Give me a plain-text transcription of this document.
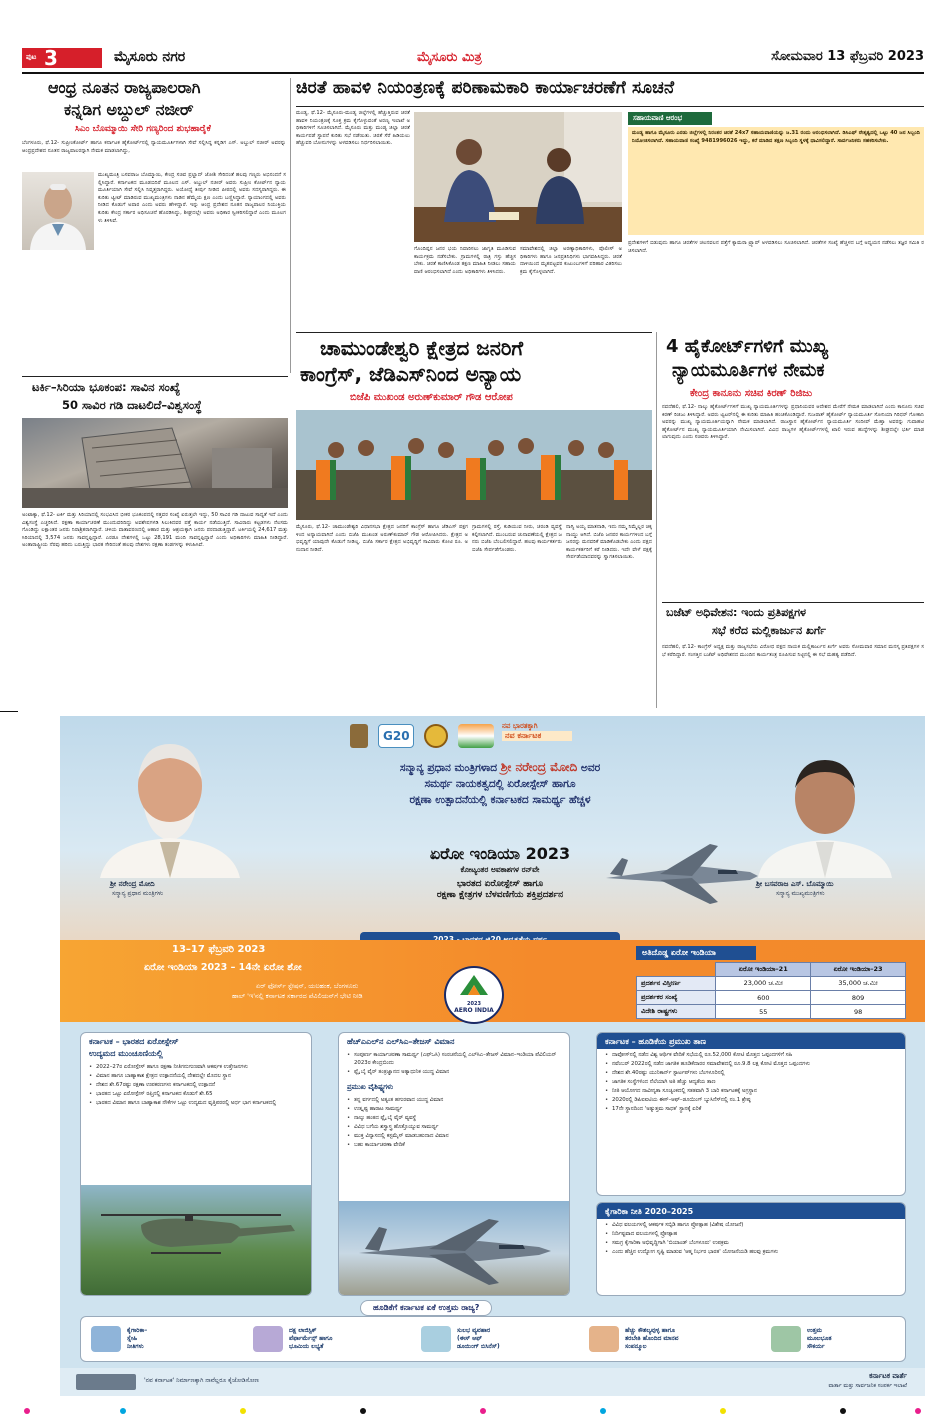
ಪುಟ 3	ಮೈಸೂರು ನಗರ	ಮೈಸೂರು ಮಿತ್ರ	ಸೋಮವಾರ 13 ಫೆಬ್ರವರಿ 2023
ಆಂಧ್ರ ನೂತನ ರಾಜ್ಯಪಾಲರಾಗಿ
ಕನ್ನಡಿಗ ಅಬ್ದುಲ್ ನಜೀರ್
ಸಿಎಂ ಬೊಮ್ಮಾಯಿ ಸೇರಿ ಗಣ್ಯರಿಂದ ಶುಭಹಾರೈಕೆ
ಬೆಂಗಳೂರು, ಫೆ.12- ಸುಪ್ರೀಂಕೋರ್ಟ್ ಹಾಗೂ ಕರ್ನಾಟಕ ಹೈಕೋರ್ಟ್‌ನಲ್ಲಿ ನ್ಯಾಯಮೂರ್ತಿಗಳಾಗಿ ಸೇವೆ ಸಲ್ಲಿಸಿದ್ದ ಕನ್ನಡಿಗ ಎಸ್. ಅಬ್ದುಲ್ ನಜೀರ್ ಅವರನ್ನು ಆಂಧ್ರಪ್ರದೇಶದ ನೂತನ ರಾಜ್ಯಪಾಲರನ್ನಾಗಿ ನೇಮಕ ಮಾಡಲಾಗಿದ್ದು,
ಮುಖ್ಯಮಂತ್ರಿ ಬಸವರಾಜ ಬೊಮ್ಮಾಯಿ, ಕೇಂದ್ರ ಸಚಿವ ಪ್ರಲ್ಹಾದ್ ಜೋಶಿ ಸೇರಿದಂತೆ ಹಲವು ಗಣ್ಯರು ಅಭಿನಂದನೆ ಸಲ್ಲಿಸಿದ್ದಾರೆ. ಕರ್ನಾಟಕದ ಮೂಡಬಿದಿರೆ ಮೂಲದ ಎಸ್. ಅಬ್ದುಲ್ ನಜೀರ್ ಅವರು ಸುಪ್ರೀಂ ಕೋರ್ಟ್‌ನ ನ್ಯಾಯಮೂರ್ತಿಯಾಗಿ ಸೇವೆ ಸಲ್ಲಿಸಿ ನಿವೃತ್ತರಾಗಿದ್ದರು. ಅಯೋಧ್ಯೆ ತೀರ್ಪು ನೀಡಿದ ಪೀಠದಲ್ಲಿ ಅವರು ಸದಸ್ಯರಾಗಿದ್ದರು. ಈ ಕುರಿತು ಟ್ವೀಟ್ ಮಾಡಿರುವ ಮುಖ್ಯಮಂತ್ರಿಗಳು ನಾಡಿನ ಹೆಮ್ಮೆಯ ಕ್ಷಣ ಎಂದು ಬಣ್ಣಿಸಿದ್ದಾರೆ. ನ್ಯಾಯಾಂಗದಲ್ಲಿ ಅವರು ನೀಡಿದ ಕೊಡುಗೆ ಅಪಾರ ಎಂದು ಅವರು ಹೇಳಿದ್ದಾರೆ. ಇನ್ನು ಆಂಧ್ರ ಪ್ರದೇಶದ ನೂತನ ರಾಜ್ಯಪಾಲರ ನಿಯುಕ್ತಿಯ ಕುರಿತು ಕೇಂದ್ರ ಸರ್ಕಾರ ಅಧಿಸೂಚನೆ ಹೊರಡಿಸಿದ್ದು, ಶೀಘ್ರದಲ್ಲೇ ಅವರು ಅಧಿಕಾರ ಸ್ವೀಕರಿಸಲಿದ್ದಾರೆ ಎಂದು ಮೂಲಗಳು ತಿಳಿಸಿವೆ.
ಟರ್ಕಿ–ಸಿರಿಯಾ ಭೂಕಂಪ: ಸಾವಿನ ಸಂಖ್ಯೆ
50 ಸಾವಿರ ಗಡಿ ದಾಟಲಿದೆ–ವಿಶ್ವಸಂಸ್ಥೆ
ಅಂಟಾಕ್ಯಾ, ಫೆ.12- ಟರ್ಕಿ ಮತ್ತು ಸಿರಿಯಾದಲ್ಲಿ ಸಂಭವಿಸಿದ ಭೀಕರ ಭೂಕಂಪದಲ್ಲಿ ಸತ್ತವರ ಸಂಖ್ಯೆ ಏರುತ್ತಲೇ ಇದ್ದು, 50 ಸಾವಿರ ಗಡಿ ದಾಟುವ ಸಾಧ್ಯತೆ ಇದೆ ಎಂದು ವಿಶ್ವಸಂಸ್ಥೆ ಎಚ್ಚರಿಸಿದೆ. ರಕ್ಷಣಾ ಕಾರ್ಯಾಚರಣೆ ಮುಂದುವರಿದಿದ್ದು ಅವಶೇಷಗಳಡಿ ಸಿಲುಕಿದವರ ಪತ್ತೆ ಕಾರ್ಯ ನಡೆಯುತ್ತಿದೆ. ಸಾವಿರಾರು ಕಟ್ಟಡಗಳು ನೆಲಸಮಗೊಂಡಿದ್ದು ಲಕ್ಷಾಂತರ ಜನರು ನಿರಾಶ್ರಿತರಾಗಿದ್ದಾರೆ. ಚಳಿಯ ವಾತಾವರಣದಲ್ಲಿ ಆಹಾರ ಮತ್ತು ಆಶ್ರಯಕ್ಕಾಗಿ ಜನರು ಪರದಾಡುತ್ತಿದ್ದಾರೆ. ಟರ್ಕಿಯಲ್ಲಿ 24,617 ಮತ್ತು ಸಿರಿಯಾದಲ್ಲಿ 3,574 ಜನರು ಸಾವನ್ನಪ್ಪಿದ್ದಾರೆ. ಎರಡೂ ದೇಶಗಳಲ್ಲಿ ಒಟ್ಟು 28,191 ಮಂದಿ ಸಾವನ್ನಪ್ಪಿದ್ದಾರೆ ಎಂದು ಅಧಿಕಾರಿಗಳು ಮಾಹಿತಿ ನೀಡಿದ್ದಾರೆ. ಅಂತಾರಾಷ್ಟ್ರೀಯ ನೆರವು ಹರಿದು ಬರುತ್ತಿದ್ದು ಭಾರತ ಸೇರಿದಂತೆ ಹಲವು ದೇಶಗಳು ರಕ್ಷಣಾ ತಂಡಗಳನ್ನು ಕಳುಹಿಸಿವೆ.
ಚಿರತೆ ಹಾವಳಿ ನಿಯಂತ್ರಣಕ್ಕೆ ಪರಿಣಾಮಕಾರಿ ಕಾರ್ಯಾಚರಣೆಗೆ ಸೂಚನೆ
ಮಂಡ್ಯ, ಫೆ.12- ಮೈಸೂರು-ಮಂಡ್ಯ ಜಿಲ್ಲೆಗಳಲ್ಲಿ ಹೆಚ್ಚುತ್ತಿರುವ ಚಿರತೆ ಹಾವಳಿ ನಿಯಂತ್ರಣಕ್ಕೆ ಸೂಕ್ತ ಕ್ರಮ ಕೈಗೊಳ್ಳುವಂತೆ ಅರಣ್ಯ ಇಲಾಖೆ ಅಧಿಕಾರಿಗಳಿಗೆ ಸೂಚಿಸಲಾಗಿದೆ. ಮೈಸೂರು ಮತ್ತು ಮಂಡ್ಯ ಜಿಲ್ಲಾ ಚಿರತೆ ಕಾರ್ಯಪಡೆ ಸ್ಥಾಪನೆ ಕುರಿತು ಸಭೆ ನಡೆಯಿತು. ಚಿರತೆ ಸೆರೆ ಹಿಡಿಯಲು ಹೆಚ್ಚುವರಿ ಬೋನುಗಳನ್ನು ಅಳವಡಿಸಲು ನಿರ್ಧರಿಸಲಾಯಿತು.
ಗೊಂದಿಪ್ಪನ ಜನರ ಭಯ ನಿವಾರಿಸಲು ಜಾಗೃತಿ ಮೂಡಿಸುವ ಕಾರ್ಯಕ್ರಮ ನಡೆಸಬೇಕು. ಗ್ರಾಮಗಳಲ್ಲಿ ರಾತ್ರಿ ಗಸ್ತು ಹೆಚ್ಚಿಸಬೇಕು. ಚಿರತೆ ಕಾಣಿಸಿಕೊಂಡ ತಕ್ಷಣ ಮಾಹಿತಿ ನೀಡಲು ಸಹಾಯವಾಣಿ ಆರಂಭಿಸಲಾಗಿದೆ ಎಂದು ಅಧಿಕಾರಿಗಳು ತಿಳಿಸಿದರು.
ಸಮಾವೇಶದಲ್ಲಿ ಜಿಲ್ಲಾ ಅರಣ್ಯಾಧಿಕಾರಿಗಳು, ಪೊಲೀಸ್ ಅಧಿಕಾರಿಗಳು ಹಾಗೂ ಜನಪ್ರತಿನಿಧಿಗಳು ಭಾಗವಹಿಸಿದ್ದರು. ಚಿರತೆ ದಾಳಿಯಿಂದ ಮೃತಪಟ್ಟವರ ಕುಟುಂಬಗಳಿಗೆ ಪರಿಹಾರ ವಿತರಿಸಲು ಕ್ರಮ ಕೈಗೊಳ್ಳಲಾಗಿದೆ.
ಸಹಾಯವಾಣಿ ಆರಂಭ
ಮಂಡ್ಯ ಹಾಗೂ ಮೈಸೂರು ಎರಡು ಜಿಲ್ಲೆಗಳಲ್ಲಿ ನಿರಂತರ ಚಿರತೆ 24x7 ಸಹಾಯವಾಣಿಯನ್ನು ಜ.31 ರಂದು ಆರಂಭಿಸಲಾಗಿದೆ. ಡಿಸಿಎಫ್ ನೇತೃತ್ವದಲ್ಲಿ ಒಟ್ಟು 40 ಜನ ಸಿಬ್ಬಂದಿ ನಿಯೋಜಿಸಲಾಗಿದೆ. ಸಹಾಯವಾಣಿ ಸಂಖ್ಯೆ 9481996026 ಇದ್ದು, ಕರೆ ಮಾಡಿದ ತಕ್ಷಣ ಸಿಬ್ಬಂದಿ ಸ್ಥಳಕ್ಕೆ ಧಾವಿಸಲಿದ್ದಾರೆ. ಸಾರ್ವಜನಿಕರು ಸಹಕರಿಸಬೇಕು.
ಪ್ರದೇಶಗಳಿಗೆ ಬಿಡುವುದು ಹಾಗೂ ಚಿರತೆಗಳ ಚಲನವಲನ ಪತ್ತೆಗೆ ಕ್ಯಾಮರಾ ಟ್ರ್ಯಾಪ್ ಅಳವಡಿಸಲು ಸೂಚಿಸಲಾಗಿದೆ. ಚಿರತೆಗಳ ಸಂಖ್ಯೆ ಹೆಚ್ಚಳದ ಬಗ್ಗೆ ಅಧ್ಯಯನ ನಡೆಸಲು ತಜ್ಞರ ಸಮಿತಿ ರಚಿಸಲಾಗಿದೆ.
ಚಾಮುಂಡೇಶ್ವರಿ ಕ್ಷೇತ್ರದ ಜನರಿಗೆ
ಕಾಂಗ್ರೆಸ್, ಜೆಡಿಎಸ್‌ನಿಂದ ಅನ್ಯಾಯ
ಬಿಜೆಪಿ ಮುಖಂಡ ಅರುಣ್‌ಕುಮಾರ್ ಗೌಡ ಆರೋಪ
ಮೈಸೂರು, ಫೆ.12- ಚಾಮುಂಡೇಶ್ವರಿ ವಿಧಾನಸಭಾ ಕ್ಷೇತ್ರದ ಜನರಿಗೆ ಕಾಂಗ್ರೆಸ್ ಹಾಗೂ ಜೆಡಿಎಸ್ ಪಕ್ಷಗಳಿಂದ ಅನ್ಯಾಯವಾಗಿದೆ ಎಂದು ಬಿಜೆಪಿ ಮುಖಂಡ ಅರುಣ್‌ಕುಮಾರ್ ಗೌಡ ಆರೋಪಿಸಿದರು. ಕ್ಷೇತ್ರದ ಅಭಿವೃದ್ಧಿಗೆ ಯಾವುದೇ ಕೊಡುಗೆ ನೀಡಿಲ್ಲ. ಬಿಜೆಪಿ ಸರ್ಕಾರ ಕ್ಷೇತ್ರದ ಅಭಿವೃದ್ಧಿಗೆ ಸಾವಿರಾರು ಕೋಟಿ ರೂ. ಅನುದಾನ ನೀಡಿದೆ.
ಗ್ರಾಮಗಳಲ್ಲಿ ರಸ್ತೆ, ಕುಡಿಯುವ ನೀರು, ಚರಂಡಿ ವ್ಯವಸ್ಥೆ ಕಲ್ಪಿಸಲಾಗಿದೆ. ಮುಂಬರುವ ಚುನಾವಣೆಯಲ್ಲಿ ಕ್ಷೇತ್ರದ ಜನರು ಬಿಜೆಪಿ ಬೆಂಬಲಿಸಲಿದ್ದಾರೆ. ಹಲವು ಕಾರ್ಯಕರ್ತರು ಬಿಜೆಪಿ ಸೇರ್ಪಡೆಗೊಂಡರು.
ನಾಗ್ಯಿ ಅಯ್ಯ ಮಾತನಾಡಿ, ಇದು ನಮ್ಮ ನಿಮ್ಮೆಲ್ಲರ ಚಿಕ್ಕನಾಯ್ಡು ಆಗಿದೆ. ಬಿಜೆಪಿ ಜನಪರ ಕಾರ್ಯಗಳಿಂದ ಬಗ್ಗೆ ಜನರನ್ನು ಮನವರಿಕೆ ಮಾಡಿಕೊಡಬೇಕು ಎಂದು ಪಕ್ಷದ ಕಾರ್ಯಕರ್ತರಿಗೆ ಕರೆ ನೀಡಿದರು. ಇದೇ ವೇಳೆ ಪಕ್ಷಕ್ಕೆ ಸೇರ್ಪಡೆಯಾದವರನ್ನು ಸ್ವಾಗತಿಸಲಾಯಿತು.
4 ಹೈಕೋರ್ಟ್‌ಗಳಿಗೆ ಮುಖ್ಯ
ನ್ಯಾಯಮೂರ್ತಿಗಳ ನೇಮಕ
ಕೇಂದ್ರ ಕಾನೂನು ಸಚಿವ ಕಿರಣ್ ರಿಜಿಜು
ನವದೆಹಲಿ, ಫೆ.12- ನಾಲ್ಕು ಹೈಕೋರ್ಟ್‌ಗಳಿಗೆ ಮುಖ್ಯ ನ್ಯಾಯಮೂರ್ತಿಗಳನ್ನು ಪ್ರಧಾನಿಯವರ ಆದೇಶದ ಮೇರೆಗೆ ನೇಮಕ ಮಾಡಲಾಗಿದೆ ಎಂದು ಕಾನೂನು ಸಚಿವ ಕಿರಣ್ ರಿಜಿಜು ತಿಳಿಸಿದ್ದಾರೆ. ಅವರು ಟ್ವಿಟರ್‌ನಲ್ಲಿ ಈ ಕುರಿತು ಮಾಹಿತಿ ಹಂಚಿಕೊಂಡಿದ್ದಾರೆ. ಗುಜರಾತ್ ಹೈಕೋರ್ಟ್ ನ್ಯಾಯಮೂರ್ತಿ ಸೋನಿಯಾ ಗಿರಿಧರ್ ಗೋಕಾನಿ ಅವರನ್ನು ಮುಖ್ಯ ನ್ಯಾಯಮೂರ್ತಿಯನ್ನಾಗಿ ನೇಮಕ ಮಾಡಲಾಗಿದೆ. ರಾಜಸ್ಥಾನ ಹೈಕೋರ್ಟ್‌ನ ನ್ಯಾಯಮೂರ್ತಿ ಸಂದೀಪ್ ಮೆಹ್ತಾ ಅವರನ್ನು ಗುವಾಹಟಿ ಹೈಕೋರ್ಟ್‌ನ ಮುಖ್ಯ ನ್ಯಾಯಮೂರ್ತಿಯಾಗಿ ನೇಮಿಸಲಾಗಿದೆ. ವಿವಿಧ ರಾಜ್ಯಗಳ ಹೈಕೋರ್ಟ್‌ಗಳಲ್ಲಿ ಖಾಲಿ ಇರುವ ಹುದ್ದೆಗಳನ್ನು ಶೀಘ್ರದಲ್ಲೇ ಭರ್ತಿ ಮಾಡಲಾಗುವುದು ಎಂದು ಸಚಿವರು ತಿಳಿಸಿದ್ದಾರೆ.
ಬಜೆಟ್ ಅಧಿವೇಶನ: ಇಂದು ಪ್ರತಿಪಕ್ಷಗಳ
ಸಭೆ ಕರೆದ ಮಲ್ಲಿಕಾರ್ಜುನ ಖರ್ಗೆ
ನವದೆಹಲಿ, ಫೆ.12- ಕಾಂಗ್ರೆಸ್ ಅಧ್ಯಕ್ಷ ಮತ್ತು ರಾಜ್ಯಸಭೆಯ ವಿರೋಧ ಪಕ್ಷದ ನಾಯಕ ಮಲ್ಲಿಕಾರ್ಜುನ ಖರ್ಗೆ ಅವರು ಸೋಮವಾರ ಸಮಾನ ಮನಸ್ಕ ಪ್ರತಿಪಕ್ಷಗಳ ಸಭೆ ಕರೆದಿದ್ದಾರೆ. ಸಂಸತ್ತಿನ ಬಜೆಟ್ ಅಧಿವೇಶನದ ಮುಂದಿನ ಕಾರ್ಯತಂತ್ರ ರೂಪಿಸುವ ನಿಟ್ಟಿನಲ್ಲಿ ಈ ಸಭೆ ಮಹತ್ವ ಪಡೆದಿದೆ.
G20
ನವ ಭಾರತಕ್ಕಾಗಿ
ನವ ಕರ್ನಾಟಕ
ಶ್ರೀ ನರೇಂದ್ರ ಮೋದಿ
ಸನ್ಮಾನ್ಯ ಪ್ರಧಾನ ಮಂತ್ರಿಗಳು
ಶ್ರೀ ಬಸವರಾಜ ಎಸ್. ಬೊಮ್ಮಾಯಿ
ಸನ್ಮಾನ್ಯ ಮುಖ್ಯಮಂತ್ರಿಗಳು
ಸನ್ಮಾನ್ಯ ಪ್ರಧಾನ ಮಂತ್ರಿಗಳಾದ ಶ್ರೀ ನರೇಂದ್ರ ಮೋದಿ ಅವರ
ಸಮರ್ಥ ನಾಯಕತ್ವದಲ್ಲಿ ಏರೋಸ್ಪೇಸ್ ಹಾಗೂ
ರಕ್ಷಣಾ ಉತ್ಪಾದನೆಯಲ್ಲಿ ಕರ್ನಾಟಕದ ಸಾಮರ್ಥ್ಯ ಹೆಚ್ಚಳ
ಏರೋ ಇಂಡಿಯಾ 2023
ಕೋಟ್ಯಂತರ ಅವಕಾಶಗಳ ರನ್‌ವೇ
ಭಾರತದ ಏರೋಸ್ಪೇಸ್ ಹಾಗೂ
ರಕ್ಷಣಾ ಕ್ಷೇತ್ರಗಳ ಬೆಳವಣಿಗೆಯ ಶಕ್ತಿಪ್ರದರ್ಶನ
13–17 ಫೆಬ್ರವರಿ 2023
ಏರೋ ಇಂಡಿಯಾ 2023 – 14ನೇ ಏರೋ ಶೋ
ಏರ್ ಫೋರ್ಸ್ ಸ್ಟೇಷನ್, ಯಲಹಂಕ, ಬೆಂಗಳೂರು
ಹಾಲ್ 'ಇ'ನಲ್ಲಿ ಕರ್ನಾಟಕ ಸರ್ಕಾರದ ಪೆವಿಲಿಯನ್‌ಗೆ ಭೇಟಿ ನೀಡಿ
2023
AERO INDIA
ಅತಿದೊಡ್ಡ ಏರೋ ಇಂಡಿಯಾ
	ಏರೋ ಇಂಡಿಯಾ–21	ಏರೋ ಇಂಡಿಯಾ–23
ಪ್ರದರ್ಶನ ವಿಸ್ತೀರ್ಣ	23,000 ಚ.ಮೀ	35,000 ಚ.ಮೀ
ಪ್ರದರ್ಶಕರ ಸಂಖ್ಯೆ	600	809
ವಿದೇಶಿ ರಾಷ್ಟ್ರಗಳು	55	98
ಕರ್ನಾಟಕ – ಭಾರತದ ಏರೋಸ್ಪೇಸ್
ಉದ್ಯಮದ ಮುಂಚೂಣಿಯಲ್ಲಿ
• 2022–27ರ ಏರೋಸ್ಪೇಸ್ ಹಾಗೂ ರಕ್ಷಣಾ ನೀತಿಗನುಗುಣವಾಗಿ ಆಕರ್ಷಕ ಉತ್ತೇಜನಗಳು
• ವಿಮಾನ ಹಾಗೂ ಬಾಹ್ಯಾಕಾಶ ಕ್ಷೇತ್ರದ ಉತ್ಪಾದನೆಯಲ್ಲಿ ದೇಶದಲ್ಲೇ ಮೊದಲ ಸ್ಥಾನ
• ದೇಶದ ಶೇ.67ರಷ್ಟು ರಕ್ಷಣಾ ಉಪಕರಣಗಳು ಕರ್ನಾಟಕದಲ್ಲಿ ಉತ್ಪಾದನೆ
• ಭಾರತದ ಒಟ್ಟು ಏರೋಸ್ಪೇಸ್ ರಫ್ತಿನಲ್ಲಿ ಕರ್ನಾಟಕದ ಕೊಡುಗೆ ಶೇ.65
• ಭಾರತದ ವಿಮಾನ ಹಾಗೂ ಬಾಹ್ಯಾಕಾಶ ನೌಕೆಗಳ ಒಟ್ಟು ಉದ್ಯಮದ ವೃತ್ತಿಪರರಲ್ಲಿ ಅರ್ಧ ಭಾಗ ಕರ್ನಾಟಕದಲ್ಲಿ
ಹೆಚ್‌ಎಎಲ್‌ನ ಎಲ್‌ಸಿಎ–ತೇಜಸ್ ವಿಮಾನ
• ಸಂಪೂರ್ಣ ಕಾರ್ಯಾಚರಣಾ ಸಾಮರ್ಥ್ಯ (ಎಫ್‌ಒಸಿ) ಸಂರಚನೆಯಲ್ಲಿ ಎಲ್‌ಸಿಎ–ತೇಜಸ್ ವಿಮಾನ–ಇಂಡಿಯಾ ಪೆವಿಲಿಯನ್ 2023ರ ಕೇಂದ್ರಬಿಂದು
• ಫ್ಲೈ ಬೈ ವೈರ್ ತಂತ್ರಜ್ಞಾನದ ಅತ್ಯಾಧುನಿಕ ಯುದ್ಧ ವಿಮಾನ
ಪ್ರಮುಖ ವೈಶಿಷ್ಟ್ಯಗಳು
• ತನ್ನ ವರ್ಗದಲ್ಲಿ ಅತ್ಯಂತ ಹಗುರವಾದ ಯುದ್ಧ ವಿಮಾನ
• ಉತ್ಕೃಷ್ಟ ಹಾರಾಟ ಸಾಮರ್ಥ್ಯ
• ನಾಲ್ಕು ಹಂತದ ಫ್ಲೈ ಬೈ ವೈರ್ ವ್ಯವಸ್ಥೆ
• ವಿವಿಧ ಬಗೆಯ ಶಸ್ತ್ರಾಸ್ತ್ರ ಹೊತ್ತೊಯ್ಯುವ ಸಾಮರ್ಥ್ಯ
• ಮುಕ್ತ ವಿನ್ಯಾಸದಲ್ಲಿ ಕಸ್ಟಮೈಸ್ ಮಾಡಬಹುದಾದ ವಿಮಾನ
• ಬಹು ಕಾರ್ಯಾಚರಣಾ ವೇದಿಕೆ
ಕರ್ನಾಟಕ – ಹೂಡಿಕೆಯ ಪ್ರಮುಖ ತಾಣ
• ದಾವೋಸ್‌ನಲ್ಲಿ ನಡೆದ ವಿಶ್ವ ಆರ್ಥಿಕ ವೇದಿಕೆ ಸಭೆಯಲ್ಲಿ ರೂ.52,000 ಕೋಟಿ ಮೊತ್ತದ ಒಪ್ಪಂದಗಳಿಗೆ ಸಹಿ
• ನವೆಂಬರ್ 2022ರಲ್ಲಿ ನಡೆದ ಜಾಗತಿಕ ಹೂಡಿಕೆದಾರರ ಸಮಾವೇಶದಲ್ಲಿ ರೂ.9.8 ಲಕ್ಷ ಕೋಟಿ ಮೊತ್ತದ ಒಪ್ಪಂದಗಳು
• ದೇಶದ ಶೇ.40ರಷ್ಟು ಯುನಿಕಾರ್ನ್ ಸ್ಟಾರ್ಟಪ್‌ಗಳು ಬೆಂಗಳೂರಿನಲ್ಲಿ
• ಜಾಗತಿಕ ಸಂಸ್ಥೆಗಳಿಂದ ನೆಲೆಯಾಗಿ ಅತಿ ಹೆಚ್ಚು ಆದ್ಯತೆಯ ತಾಣ
• ನೀತಿ ಆಯೋಗದ ನಾವೀನ್ಯತಾ ಸೂಚ್ಯಂಕದಲ್ಲಿ ಸತತವಾಗಿ 3 ಬಾರಿ ಕರ್ನಾಟಕಕ್ಕೆ ಅಗ್ರಸ್ಥಾನ
• 2020ರಲ್ಲಿ ಡಿಪಿಐಐಟಿಯ ಈಸ್–ಆಫ್–ಡೂಯಿಂಗ್ ಬ್ಯುಸಿನೆಸ್‌ನಲ್ಲಿ ನಂ.1 ಶ್ರೇಷ್ಠ
• 17ನೇ ಸ್ಥಾನದಿಂದ 'ಅತ್ಯುತ್ತಮ ಸಾಧಕ' ಸ್ಥಾನಕ್ಕೆ ಏರಿಕೆ
ಕೈಗಾರಿಕಾ ನೀತಿ 2020–2025
• ವಿವಿಧ ವಲಯಗಳಲ್ಲಿ ಆಕರ್ಷಕ ಸಬ್ಸಿಡಿ ಹಾಗೂ ಪ್ರೋತ್ಸಾಹ (ವಿಶೇಷ ಯೋಜನೆ)
• ನಿರ್ದಿಷ್ಟವಾದ ವಲಯಗಳಲ್ಲಿ ಪ್ರೋತ್ಸಾಹ
• ಸಮಗ್ರ ಕೈಗಾರಿಕಾ ಅಭಿವೃದ್ಧಿಗಾಗಿ 'ಬಿಯಾಂಡ್ ಬೆಂಗಳೂರು' ಉಪಕ್ರಮ
• ಎಂದು ಹೆಚ್ಚಿನ ಉದ್ಯೋಗ ಸೃಷ್ಟಿ ಮಾಡುವ 'ಆತ್ಮ ನಿರ್ಭರ ಭಾರತ' ಯೋಜನೆಯಡಿ ಹಲವು ಕ್ರಮಗಳು
ಹೂಡಿಕೆಗೆ ಕರ್ನಾಟಕ ಏಕೆ ಉತ್ತಮ ರಾಜ್ಯ?
ಕೈಗಾರಿಕಾ–
ಸ್ನೇಹಿ
ನೀತಿಗಳು
ದಕ್ಷ ಲಾಜಿಸ್ಟಿಕ್
ಪೆರ್ಫಾರ್ಮೆನ್ಸ್ ಹಾಗೂ
ಭೂಮಿಯ ಲಭ್ಯತೆ
ಸುಲಭ ವ್ಯವಹಾರ
(ಈಸ್ ಆಫ್
ಡೂಯಿಂಗ್ ಬಿಸಿನೆಸ್)
ಹೆಚ್ಚು ಕೌಶಲ್ಯವುಳ್ಳ ಹಾಗೂ
ತರಬೇತಿ ಹೊಂದಿದ ಮಾನವ
ಸಂಪನ್ಮೂಲ
ಉತ್ತಮ
ಮೂಲಭೂತ
ಸೌಕರ್ಯ
'ನವ ಕರ್ನಾಟಕ' ನಿರ್ಮಾಣಕ್ಕಾಗಿ ನಾವೆಲ್ಲರೂ ಕೈಜೋಡಿಸೋಣ
ಕರ್ನಾಟಕ ವಾರ್ತೆ
ವಾರ್ತಾ ಮತ್ತು ಸಾರ್ವಜನಿಕ ಸಂಪರ್ಕ ಇಲಾಖೆ
